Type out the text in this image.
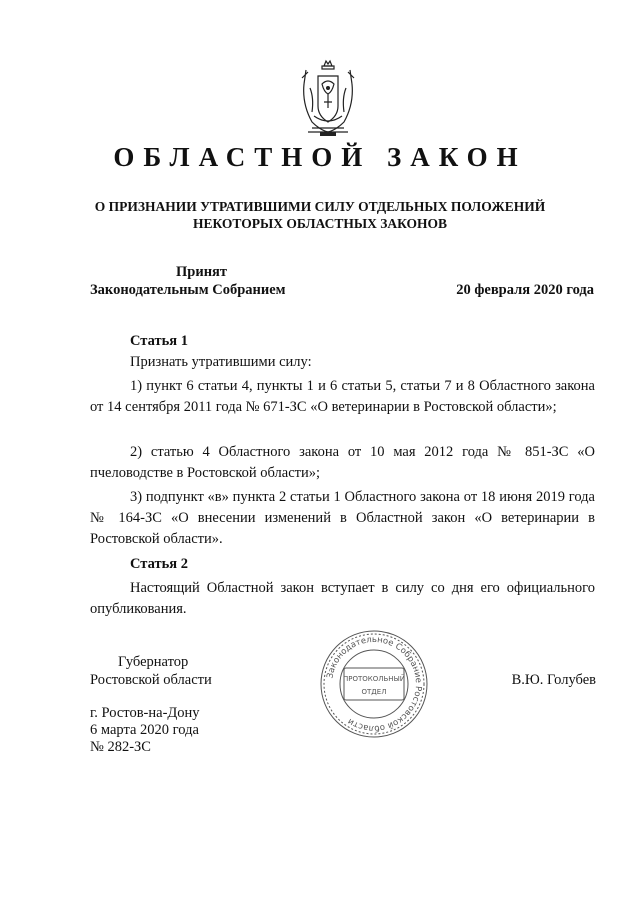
ОБЛАСТНОЙ ЗАКОН
О ПРИЗНАНИИ УТРАТИВШИМИ СИЛУ ОТДЕЛЬНЫХ ПОЛОЖЕНИЙ
НЕКОТОРЫХ ОБЛАСТНЫХ ЗАКОНОВ
Принят
Законодательным Собранием	20 февраля 2020 года
Статья 1
Признать утратившими силу:
1) пункт 6 статьи 4, пункты 1 и 6 статьи 5, статьи 7 и 8 Областного закона от 14 сентября 2011 года № 671-ЗС «О ветеринарии в Ростовской области»;
2) статью 4 Областного закона от 10 мая 2012 года № 851-ЗС «О пчеловодстве в Ростовской области»;
3) подпункт «в» пункта 2 статьи 1 Областного закона от 18 июня 2019 года № 164-ЗС «О внесении изменений в Областной закон «О ветеринарии в Ростовской области».
Статья 2
Настоящий Областной закон вступает в силу со дня его официального опубликования.
Губернатор
Ростовской области	В.Ю. Голубев
Законодательное Собрание Ростовской области
ПРОТОКОЛЬНЫЙ
ОТДЕЛ
г. Ростов-на-Дону
6 марта 2020 года
№ 282-ЗС
